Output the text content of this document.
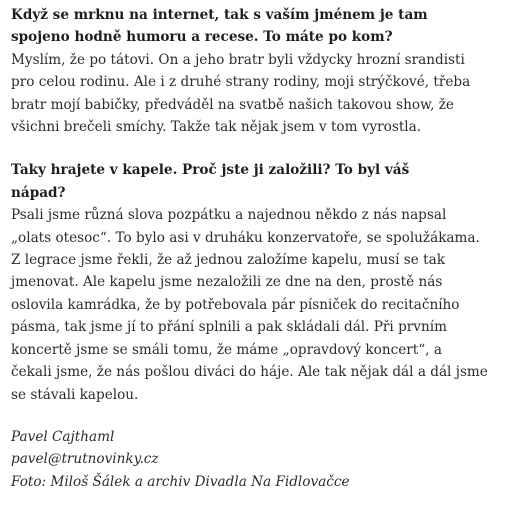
Když se mrknu na internet, tak s vaším jménem je tam
spojeno hodně humoru a recese. To máte po kom?

Myslím, že po tátovi. On a jeho bratr byli vždycky hrozní srandisti
pro celou rodinu. Ale i z druhé strany rodiny, moji strýčkové, třeba
bratr mojí babičky, předváděl na svatbě našich takovou show, že
všichni brečeli smíchy. Takže tak nějak jsem v tom vyrostla.

Taky hrajete v kapele. Proč jste ji založili? To byl váš
nápad?

Psali jsme různá slova pozpátku a najednou někdo z nás napsal
„olats otesoc“. To bylo asi v druháku konzervatoře, se spolužákama.
Z legrace jsme řekli, že až jednou založíme kapelu, musí se tak
jmenovat. Ale kapelu jsme nezaložili ze dne na den, prostě nás
oslovila kamrádka, že by potřebovala pár písniček do recitačního
pásma, tak jsme jí to přání splnili a pak skládali dál. Při prvním
koncertě jsme se smáli tomu, že máme „opravdový koncert“, a
čekali jsme, že nás pošlou diváci do háje. Ale tak nějak dál a dál jsme
se stávali kapelou.

Pavel Cajthaml

pavel@trutnovinky.cz

Foto: Miloš Šálek a archiv Divadla Na Fidlovačce
